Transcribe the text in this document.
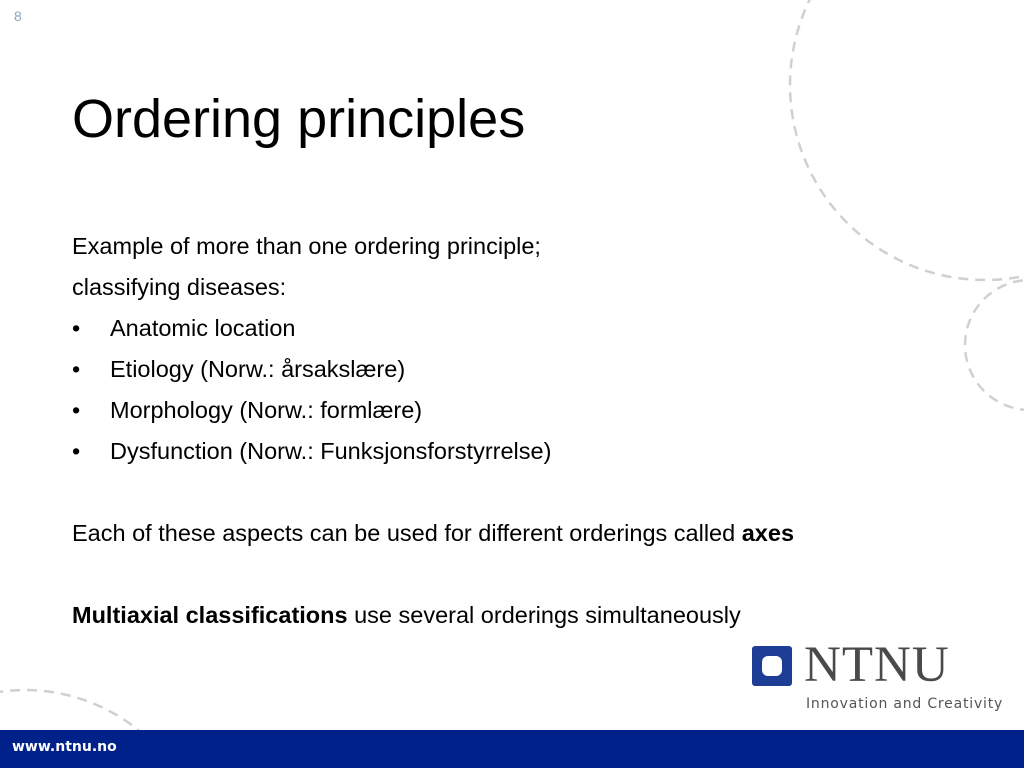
8
Ordering principles
Example of more than one ordering principle;
classifying diseases:
•	Anatomic location
•	Etiology (Norw.: årsakslære)
•	Morphology (Norw.: formlære)
•	Dysfunction (Norw.: Funksjonsforstyrrelse)
Each of these aspects can be used for different orderings called axes
Multiaxial classifications use several orderings simultaneously
NTNU
Innovation and Creativity
www.ntnu.no
